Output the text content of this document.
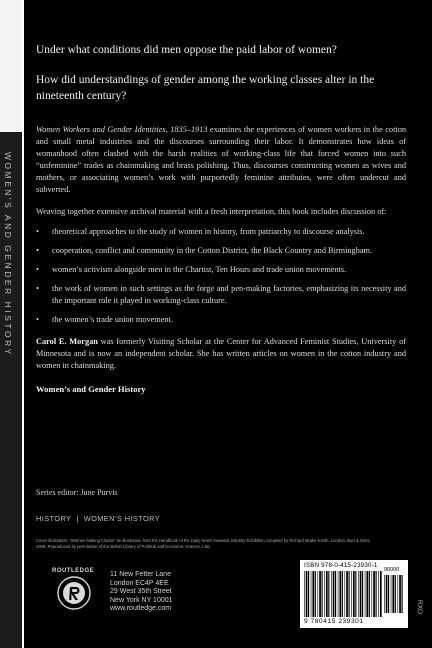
WOMEN'S AND GENDER HISTORY

Under what conditions did men oppose the paid labor of women?

How did understandings of gender among the working classes alter in the nineteenth century?

Women Workers and Gender Identities, 1835–1913 examines the experiences of women workers in the cotton and small metal industries and the discourses surrounding their labor. It demonstrates how ideas of womanhood often clashed with the harsh realities of working-class life that forced women into such “unfeminine” trades as chainmaking and brass polishing. Thus, discourses constructing women as wives and mothers, or associating women’s work with purportedly feminine attributes, were often undercut and subverted.

Weaving together extensive archival material with a fresh interpretation, this book includes discussion of:

• theoretical approaches to the study of women in history, from patriarchy to discourse analysis.
• cooperation, conflict and community in the Cotton District, the Black Country and Birmingham.
• women’s activism alongside men in the Chartist, Ten Hours and trade union movements.
• the work of women in such settings as the forge and pen-making factories, emphasizing its necessity and the important role it played in working-class culture.
• the women’s trade union movement.

Carol E. Morgan was formerly Visiting Scholar at the Center for Advanced Feminist Studies, University of Minnesota and is now an independent scholar. She has written articles on women in the cotton industry and women in chainmaking.

Women’s and Gender History

Series editor: June Purvis
HISTORY | WOMEN’S HISTORY
Cover illustration: “Women Making Chains” an illustration from the Handbook of the Daily News Sweated Industry Exhibition compiled by Richard Mudie-Smith, London, Burt & Sons, 1906. Reproduced by permission of the British Library of Political and Economic Science, LSE.
ROUTLEDGE 11 New Fetter Lane
London EC4P 4EE
29 West 35th Street
New York NY 10001
www.routledge.com
ISBN 978-0-415-23930-1
90000
9 780415 239301
RXO
